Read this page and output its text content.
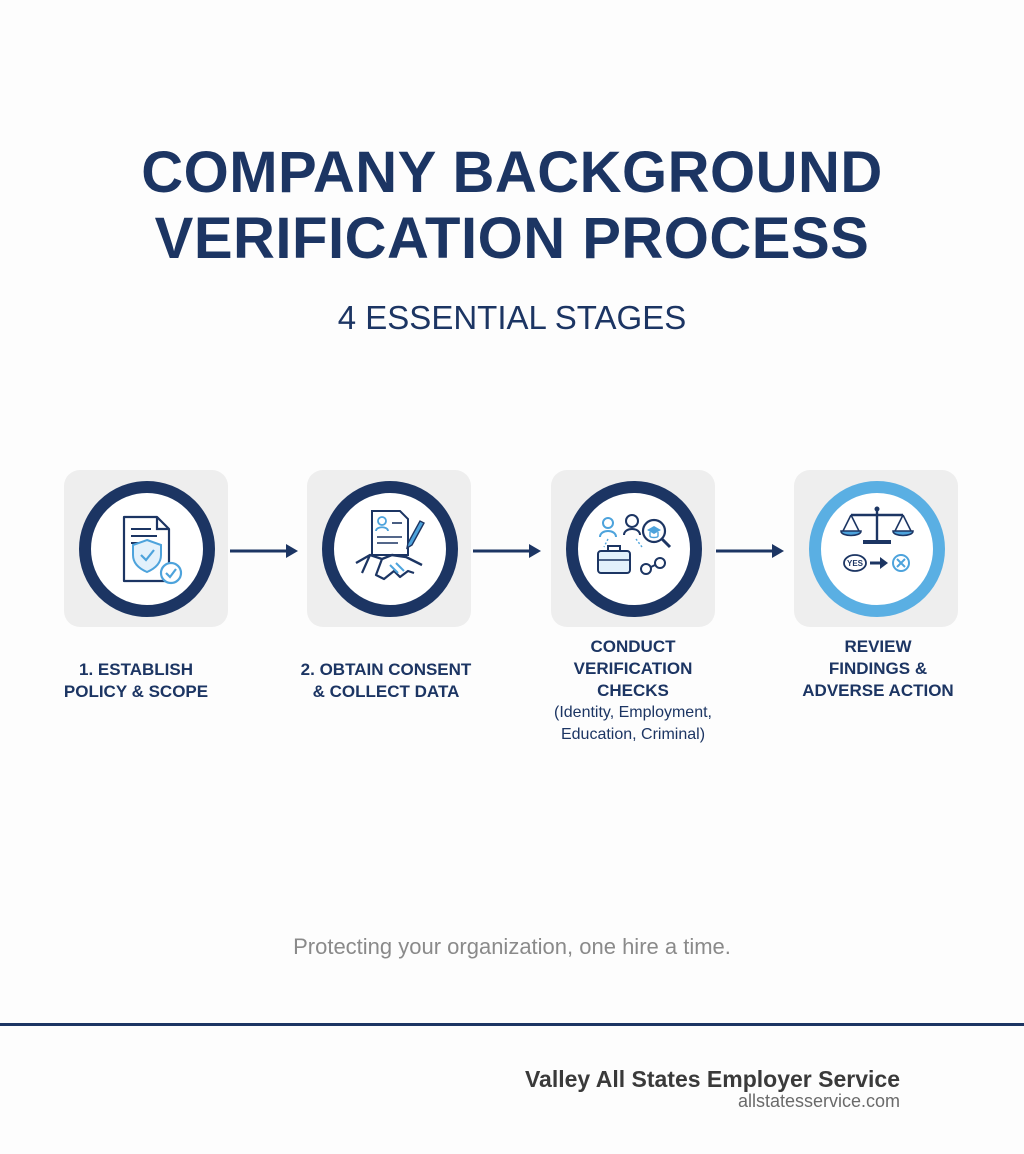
COMPANY BACKGROUND
VERIFICATION PROCESS
4 ESSENTIAL STAGES
YES
1. ESTABLISH
POLICY & SCOPE
2. OBTAIN CONSENT
& COLLECT DATA
CONDUCT
VERIFICATION
CHECKS
(Identity, Employment,
Education, Criminal)
REVIEW
FINDINGS &
ADVERSE ACTION
Protecting your organization, one hire a time.
Valley All States Employer Service
allstatesservice.com
